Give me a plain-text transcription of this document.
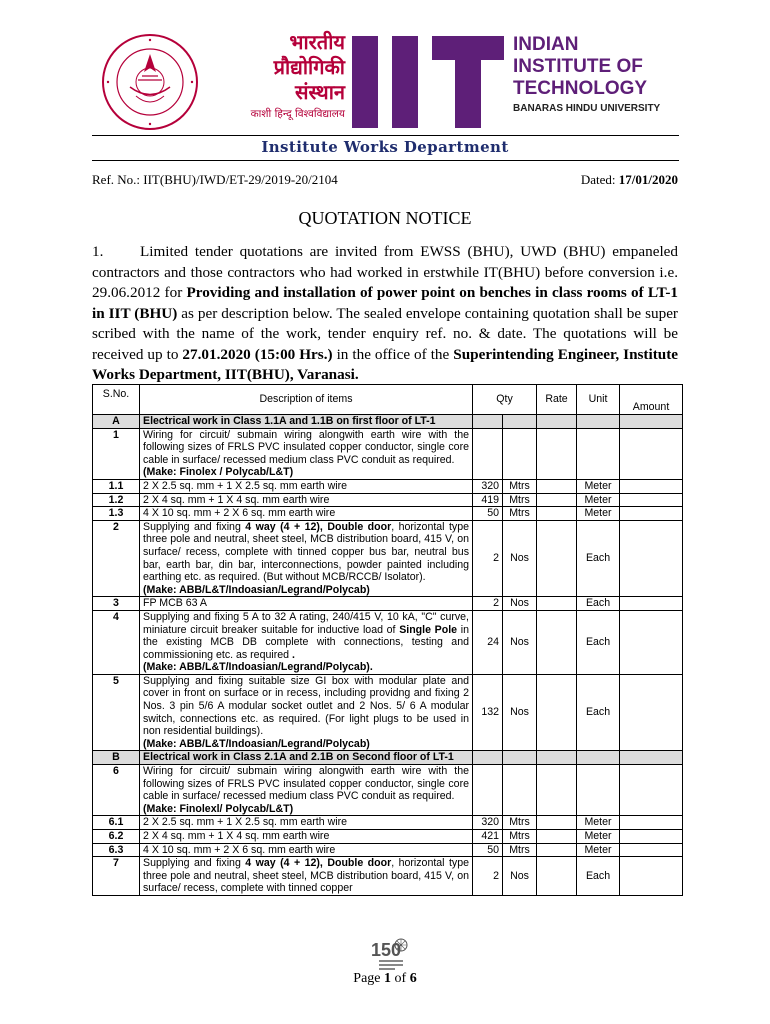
भारतीय
प्रौद्योगिकी
संस्थान
काशी हिन्दू विश्वविद्यालय
INDIAN
INSTITUTE OF
TECHNOLOGY
BANARAS HINDU UNIVERSITY
Institute Works Department
Ref. No.: IIT(BHU)/IWD/ET-29/2019-20/2104	Dated: 17/01/2020
QUOTATION NOTICE
1. Limited tender quotations are invited from EWSS (BHU), UWD (BHU) empaneled contractors and those contractors who had worked in erstwhile IT(BHU) before conversion i.e. 29.06.2012 for Providing and installation of power point on benches in class rooms of LT-1 in IIT (BHU) as per description below. The sealed envelope containing quotation shall be super scribed with the name of the work, tender enquiry ref. no. & date. The quotations will be received up to 27.01.2020 (15:00 Hrs.) in the office of the Superintending Engineer, Institute Works Department, IIT(BHU), Varanasi.
S.No.	Description of items	Qty		Rate	Unit	Amount
A	Electrical work in Class 1.1A and 1.1B on first floor of LT-1					
1	Wiring for circuit/ submain wiring alongwith earth wire with the following sizes of FRLS PVC insulated copper conductor, single core cable in surface/ recessed medium class PVC conduit as required.
(Make: Finolex / Polycab/L&T)					
1.1	2 X 2.5 sq. mm + 1 X 2.5 sq. mm earth wire	320	Mtrs		Meter	
1.2	2 X 4 sq. mm + 1 X 4 sq. mm earth wire	419	Mtrs		Meter	
1.3	4 X 10 sq. mm + 2 X 6 sq. mm earth wire	50	Mtrs		Meter	
2	Supplying and fixing 4 way (4 + 12), Double door, horizontal type three pole and neutral, sheet steel, MCB distribution board, 415 V, on surface/ recess, complete with tinned copper bus bar, neutral bus bar, earth bar, din bar, interconnections, powder painted including earthing etc. as required. (But without MCB/RCCB/ Isolator).
(Make: ABB/L&T/Indoasian/Legrand/Polycab)	2	Nos		Each	
3	FP MCB 63 A	2	Nos		Each	
4	Supplying and fixing 5 A to 32 A rating, 240/415 V, 10 kA, "C" curve, miniature circuit breaker suitable for inductive load of Single Pole in the existing MCB DB complete with connections, testing and commissioning etc. as required .
(Make: ABB/L&T/Indoasian/Legrand/Polycab).	24	Nos		Each	
5	Supplying and fixing suitable size GI box with modular plate and cover in front on surface or in recess, including providng and fixing 2 Nos. 3 pin 5/6 A modular socket outlet and 2 Nos. 5/ 6 A modular switch, connections etc. as required. (For light plugs to be used in non residential buildings).
(Make: ABB/L&T/Indoasian/Legrand/Polycab)	132	Nos		Each	
B	Electrical work in Class 2.1A and 2.1B on Second floor of LT-1					
6	Wiring for circuit/ submain wiring alongwith earth wire with the following sizes of FRLS PVC insulated copper conductor, single core cable in surface/ recessed medium class PVC conduit as required.
(Make: Finolexl/ Polycab/L&T)					
6.1	2 X 2.5 sq. mm + 1 X 2.5 sq. mm earth wire	320	Mtrs		Meter	
6.2	2 X 4 sq. mm + 1 X 4 sq. mm earth wire	421	Mtrs		Meter	
6.3	4 X 10 sq. mm + 2 X 6 sq. mm earth wire	50	Mtrs		Meter	
7	Supplying and fixing 4 way (4 + 12), Double door, horizontal type three pole and neutral, sheet steel, MCB distribution board, 415 V, on surface/ recess, complete with tinned copper	2	Nos		Each	
150
Page 1 of 6
